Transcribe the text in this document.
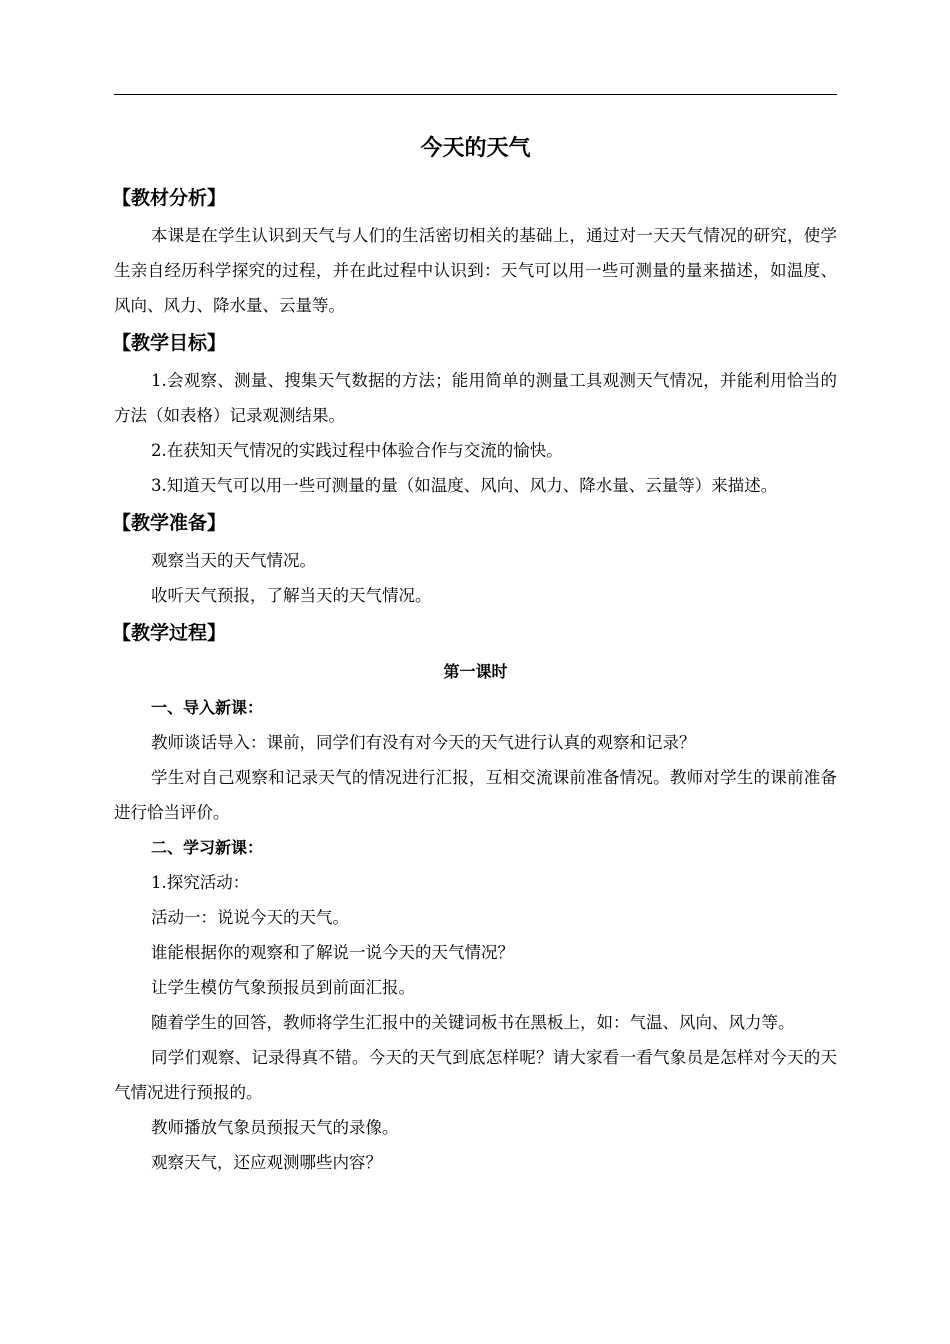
今天的天气
【教材分析】

本课是在学生认识到天气与人们的生活密切相关的基础上，通过对一天天气情况的研究，使学生亲自经历科学探究的过程，并在此过程中认识到：天气可以用一些可测量的量来描述，如温度、风向、风力、降水量、云量等。

【教学目标】

1.会观察、测量、搜集天气数据的方法；能用简单的测量工具观测天气情况，并能利用恰当的方法（如表格）记录观测结果。

2.在获知天气情况的实践过程中体验合作与交流的愉快。

3.知道天气可以用一些可测量的量（如温度、风向、风力、降水量、云量等）来描述。

【教学准备】

观察当天的天气情况。

收听天气预报，了解当天的天气情况。

【教学过程】
第一课时
一、导入新课：

教师谈话导入：课前，同学们有没有对今天的天气进行认真的观察和记录？

学生对自己观察和记录天气的情况进行汇报，互相交流课前准备情况。教师对学生的课前准备进行恰当评价。

二、学习新课：

1.探究活动：

活动一：说说今天的天气。

谁能根据你的观察和了解说一说今天的天气情况？

让学生模仿气象预报员到前面汇报。

随着学生的回答，教师将学生汇报中的关键词板书在黑板上，如：气温、风向、风力等。

同学们观察、记录得真不错。今天的天气到底怎样呢？请大家看一看气象员是怎样对今天的天气情况进行预报的。

教师播放气象员预报天气的录像。

观察天气，还应观测哪些内容？
